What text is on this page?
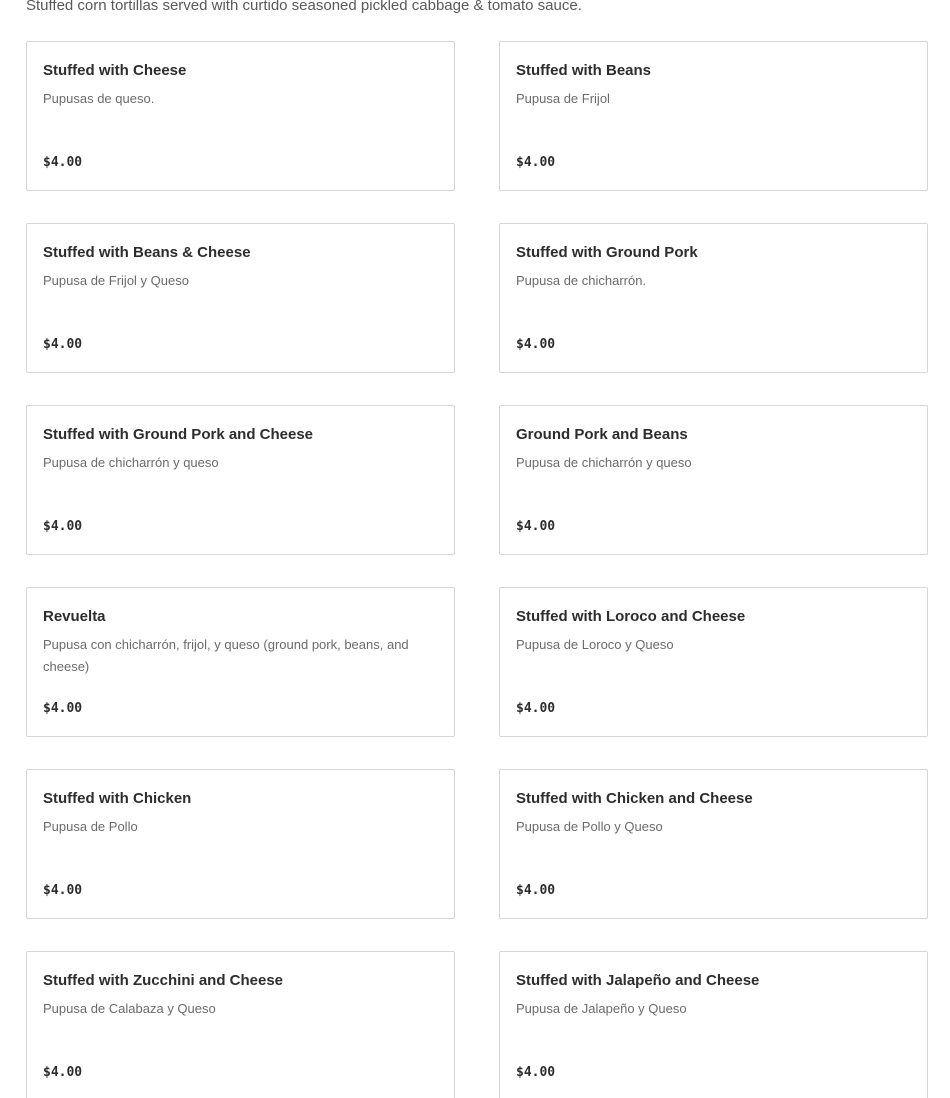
Stuffed corn tortillas served with curtido seasoned pickled cabbage & tomato sauce.

Stuffed with Cheese
Pupusas de queso.
$4.00
Stuffed with Beans
Pupusa de Frijol
$4.00
Stuffed with Beans & Cheese
Pupusa de Frijol y Queso
$4.00
Stuffed with Ground Pork
Pupusa de chicharrón.
$4.00
Stuffed with Ground Pork and Cheese
Pupusa de chicharrón y queso
$4.00
Ground Pork and Beans
Pupusa de chicharrón y queso
$4.00
Revuelta
Pupusa con chicharrón, frijol, y queso (ground pork, beans, and cheese)
$4.00
Stuffed with Loroco and Cheese
Pupusa de Loroco y Queso
$4.00
Stuffed with Chicken
Pupusa de Pollo
$4.00
Stuffed with Chicken and Cheese
Pupusa de Pollo y Queso
$4.00
Stuffed with Zucchini and Cheese
Pupusa de Calabaza y Queso
$4.00
Stuffed with Jalapeño and Cheese
Pupusa de Jalapeño y Queso
$4.00
